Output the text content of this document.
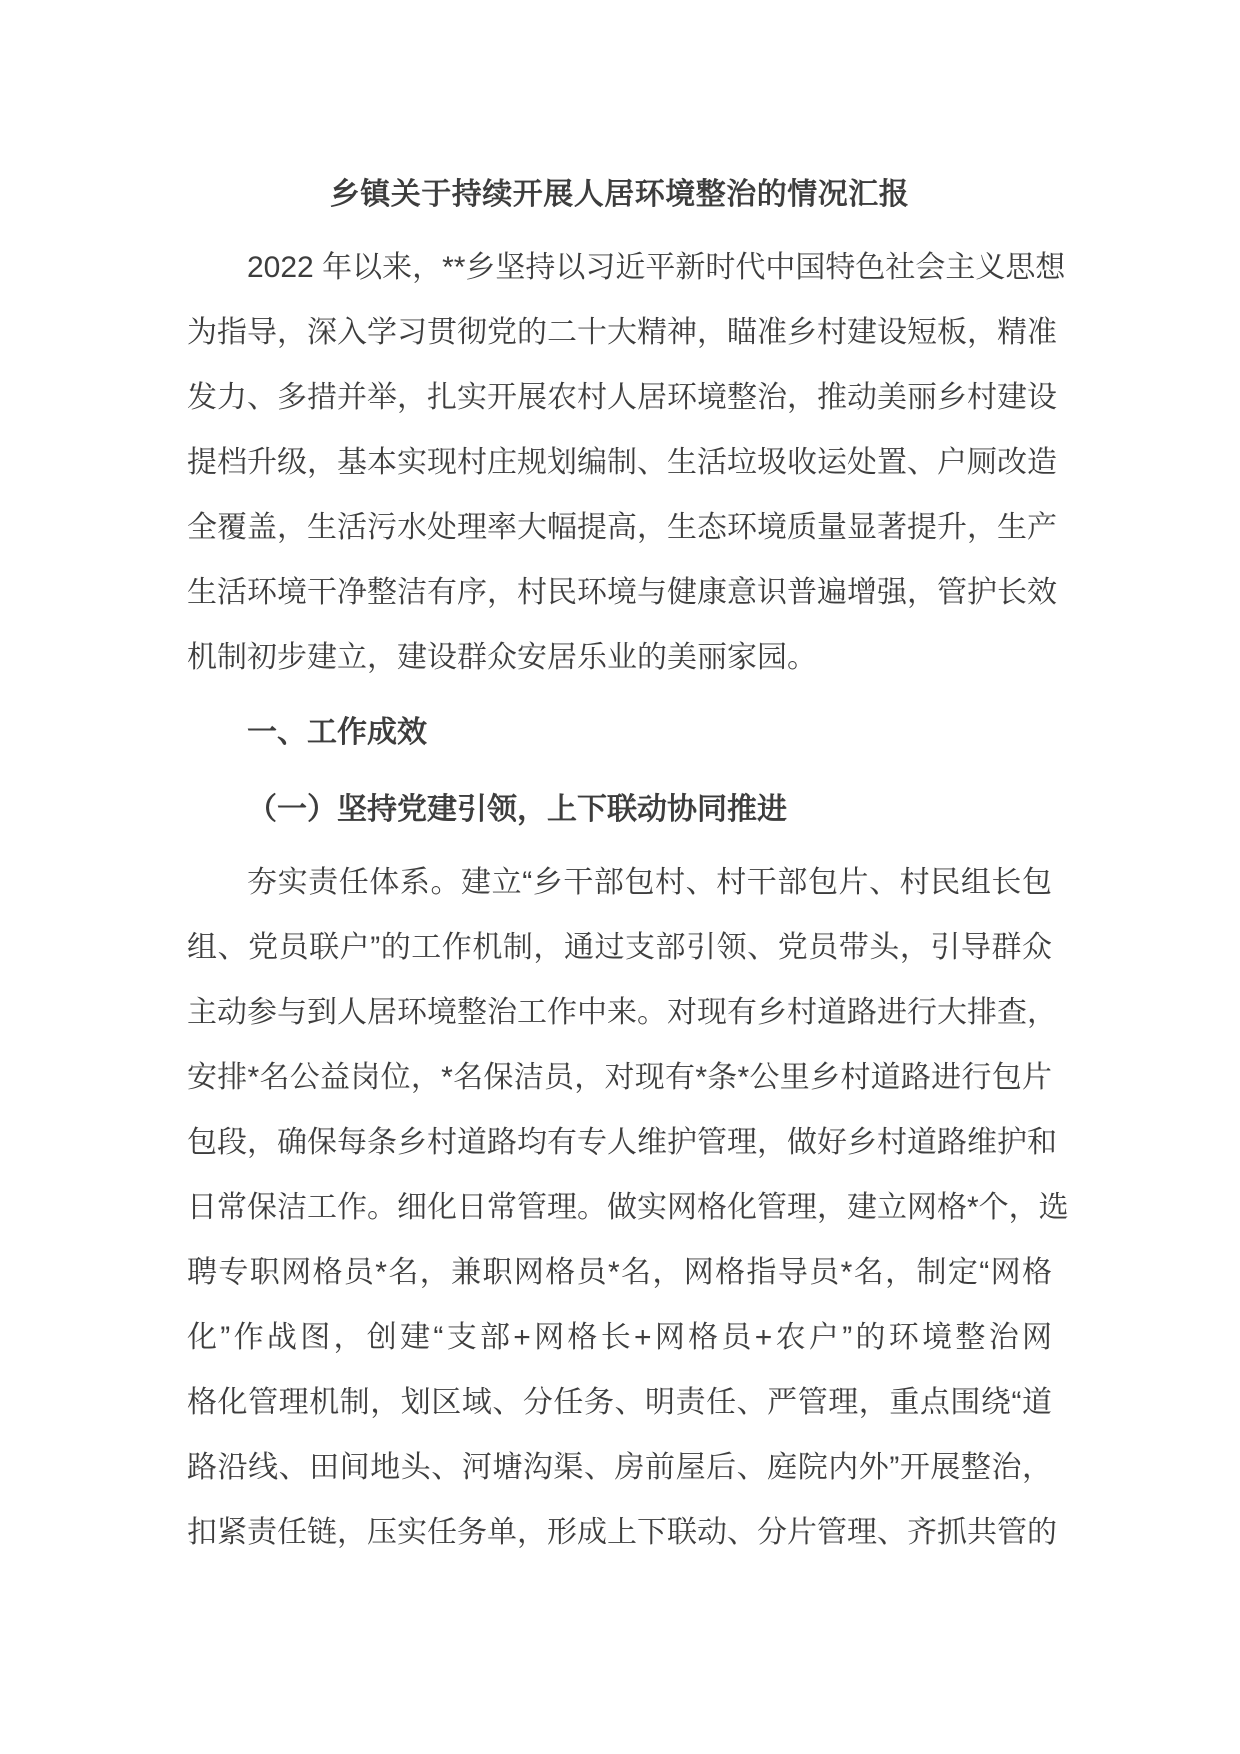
乡镇关于持续开展人居环境整治的情况汇报
2022 年以来，**乡坚持以习近平新时代中国特色社会主义思想
为指导，深入学习贯彻党的二十大精神，瞄准乡村建设短板，精准
发力、多措并举，扎实开展农村人居环境整治，推动美丽乡村建设
提档升级，基本实现村庄规划编制、生活垃圾收运处置、户厕改造
全覆盖，生活污水处理率大幅提高，生态环境质量显著提升，生产
生活环境干净整洁有序，村民环境与健康意识普遍增强，管护长效
机制初步建立，建设群众安居乐业的美丽家园。
一、工作成效
（一）坚持党建引领，上下联动协同推进
夯实责任体系。建立“乡干部包村、村干部包片、村民组长包
组、党员联户”的工作机制，通过支部引领、党员带头，引导群众
主动参与到人居环境整治工作中来。对现有乡村道路进行大排查，
安排*名公益岗位，*名保洁员，对现有*条*公里乡村道路进行包片
包段，确保每条乡村道路均有专人维护管理，做好乡村道路维护和
日常保洁工作。细化日常管理。做实网格化管理，建立网格*个，选
聘专职网格员*名，兼职网格员*名，网格指导员*名，制定“网格
化”作战图，创建“支部+网格长+网格员+农户”的环境整治网
格化管理机制，划区域、分任务、明责任、严管理，重点围绕“道
路沿线、田间地头、河塘沟渠、房前屋后、庭院内外”开展整治，
扣紧责任链，压实任务单，形成上下联动、分片管理、齐抓共管的
